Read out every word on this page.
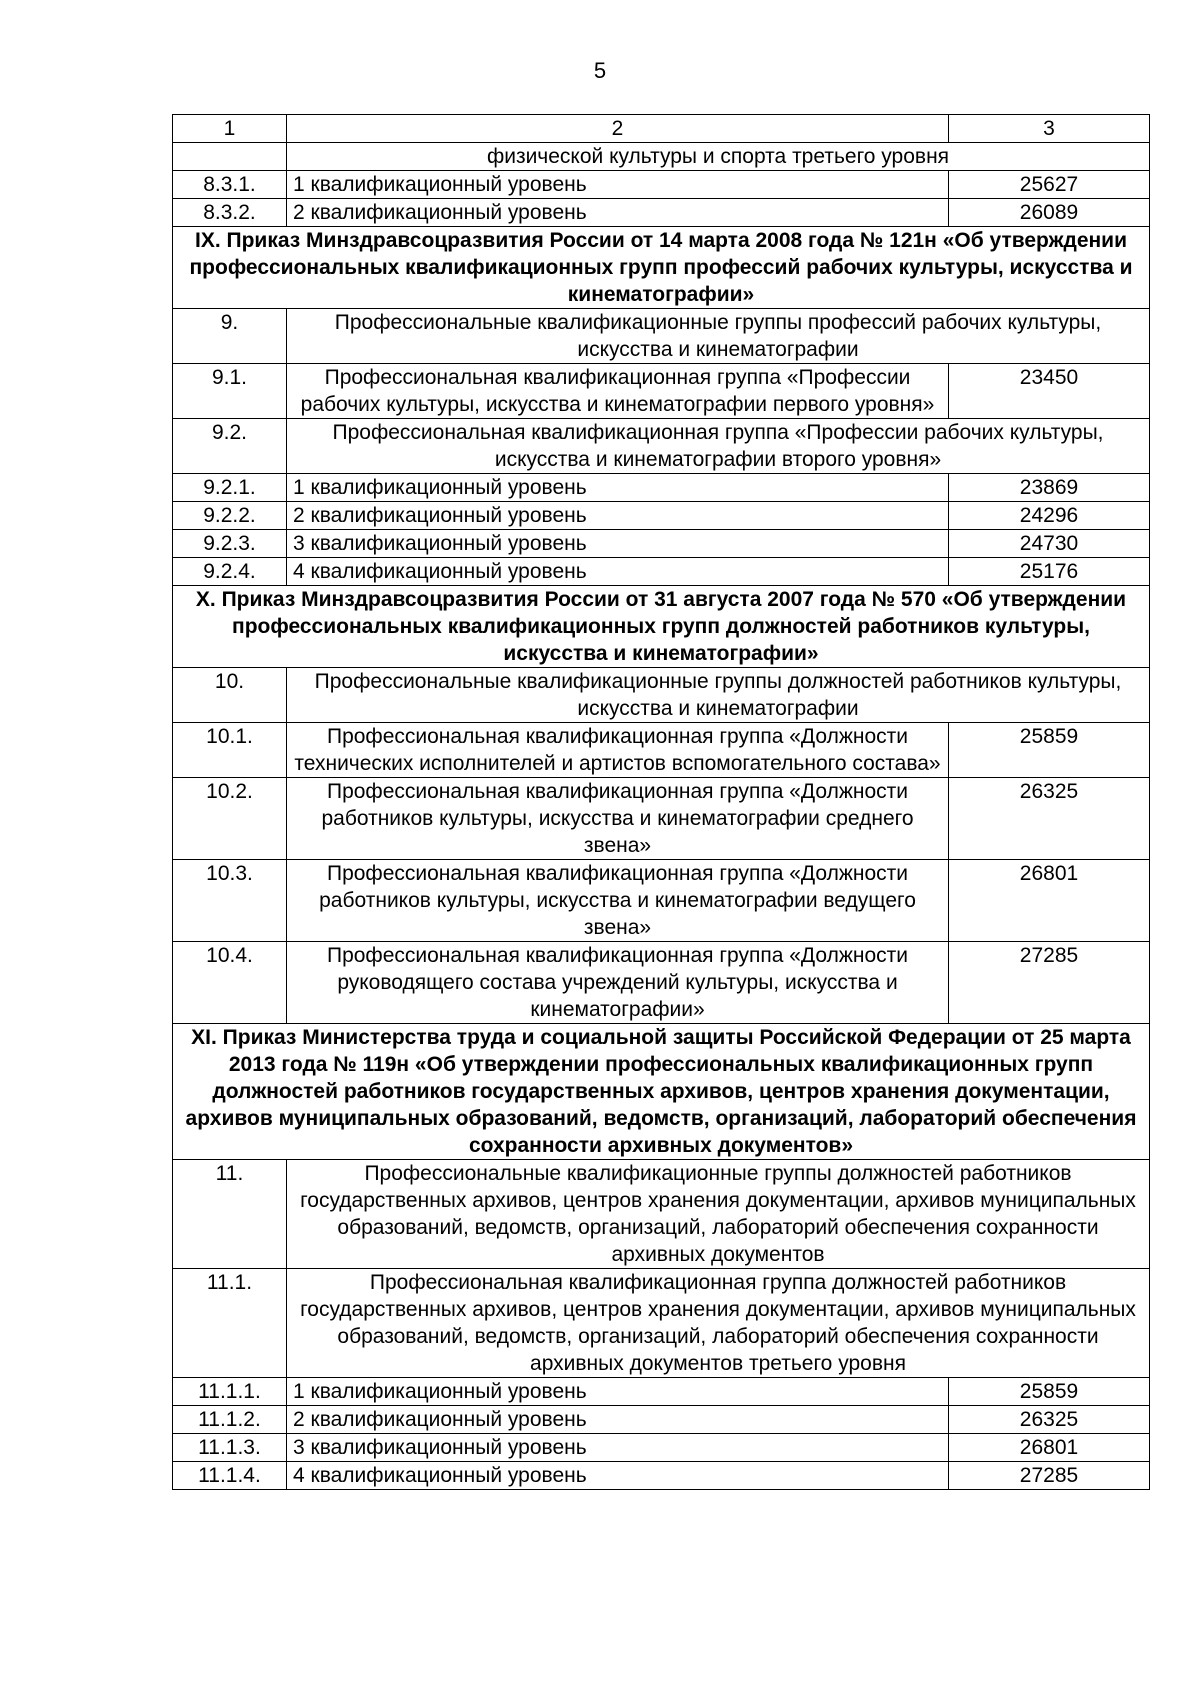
5
1	2	3
	физической культуры и спорта третьего уровня	
8.3.1.	1 квалификационный уровень	25627
8.3.2.	2 квалификационный уровень	26089
IX. Приказ Минздравсоцразвития России от 14 марта 2008 года № 121н «Об утверждении профессиональных квалификационных групп профессий рабочих культуры, искусства и кинематографии»		
9.	Профессиональные квалификационные группы профессий рабочих культуры, искусства и кинематографии	
9.1.	Профессиональная квалификационная группа «Профессии рабочих культуры, искусства и кинематографии первого уровня»	23450
9.2.	Профессиональная квалификационная группа «Профессии рабочих культуры, искусства и кинематографии второго уровня»	
9.2.1.	1 квалификационный уровень	23869
9.2.2.	2 квалификационный уровень	24296
9.2.3.	3 квалификационный уровень	24730
9.2.4.	4 квалификационный уровень	25176
X. Приказ Минздравсоцразвития России от 31 августа 2007 года № 570 «Об утверждении профессиональных квалификационных групп должностей работников культуры, искусства и кинематографии»		
10.	Профессиональные квалификационные группы должностей работников культуры, искусства и кинематографии	
10.1.	Профессиональная квалификационная группа «Должности технических исполнителей и артистов вспомогательного состава»	25859
10.2.	Профессиональная квалификационная группа «Должности работников культуры, искусства и кинематографии среднего звена»	26325
10.3.	Профессиональная квалификационная группа «Должности работников культуры, искусства и кинематографии ведущего звена»	26801
10.4.	Профессиональная квалификационная группа «Должности руководящего состава учреждений культуры, искусства и кинематографии»	27285
XI. Приказ Министерства труда и социальной защиты Российской Федерации от 25 марта 2013 года № 119н «Об утверждении профессиональных квалификационных групп должностей работников государственных архивов, центров хранения документации, архивов муниципальных образований, ведомств, организаций, лабораторий обеспечения сохранности архивных документов»		
11.	Профессиональные квалификационные группы должностей работников государственных архивов, центров хранения документации, архивов муниципальных образований, ведомств, организаций, лабораторий обеспечения сохранности архивных документов	
11.1.	Профессиональная квалификационная группа должностей работников государственных архивов, центров хранения документации, архивов муниципальных образований, ведомств, организаций, лабораторий обеспечения сохранности архивных документов третьего уровня	
11.1.1.	1 квалификационный уровень	25859
11.1.2.	2 квалификационный уровень	26325
11.1.3.	3 квалификационный уровень	26801
11.1.4.	4 квалификационный уровень	27285
